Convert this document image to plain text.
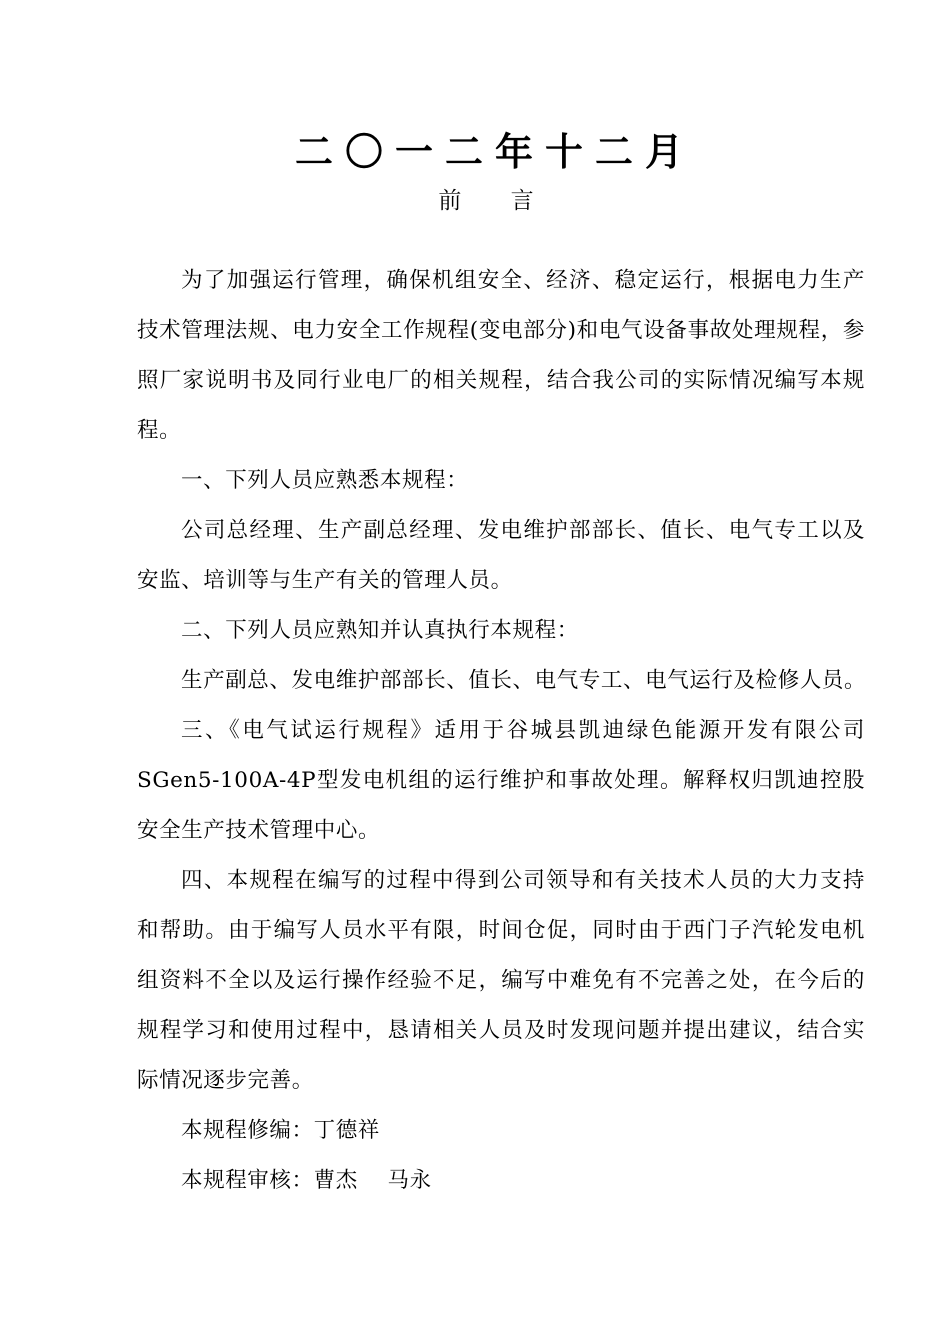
二〇一二年十二月
前    言

为了加强运行管理，确保机组安全、经济、稳定运行，根据电力生产技术管理法规、电力安全工作规程(变电部分)和电气设备事故处理规程，参照厂家说明书及同行业电厂的相关规程，结合我公司的实际情况编写本规程。

一、下列人员应熟悉本规程：

公司总经理、生产副总经理、发电维护部部长、值长、电气专工以及安监、培训等与生产有关的管理人员。

二、下列人员应熟知并认真执行本规程：

生产副总、发电维护部部长、值长、电气专工、电气运行及检修人员。

三、《电气试运行规程》适用于谷城县凯迪绿色能源开发有限公司SGen5-100A-4P型发电机组的运行维护和事故处理。解释权归凯迪控股安全生产技术管理中心。

四、本规程在编写的过程中得到公司领导和有关技术人员的大力支持和帮助。由于编写人员水平有限，时间仓促，同时由于西门子汽轮发电机组资料不全以及运行操作经验不足，编写中难免有不完善之处，在今后的规程学习和使用过程中，恳请相关人员及时发现问题并提出建议，结合实际情况逐步完善。

本规程修编：丁德祥

本规程审核：曹杰    马永
